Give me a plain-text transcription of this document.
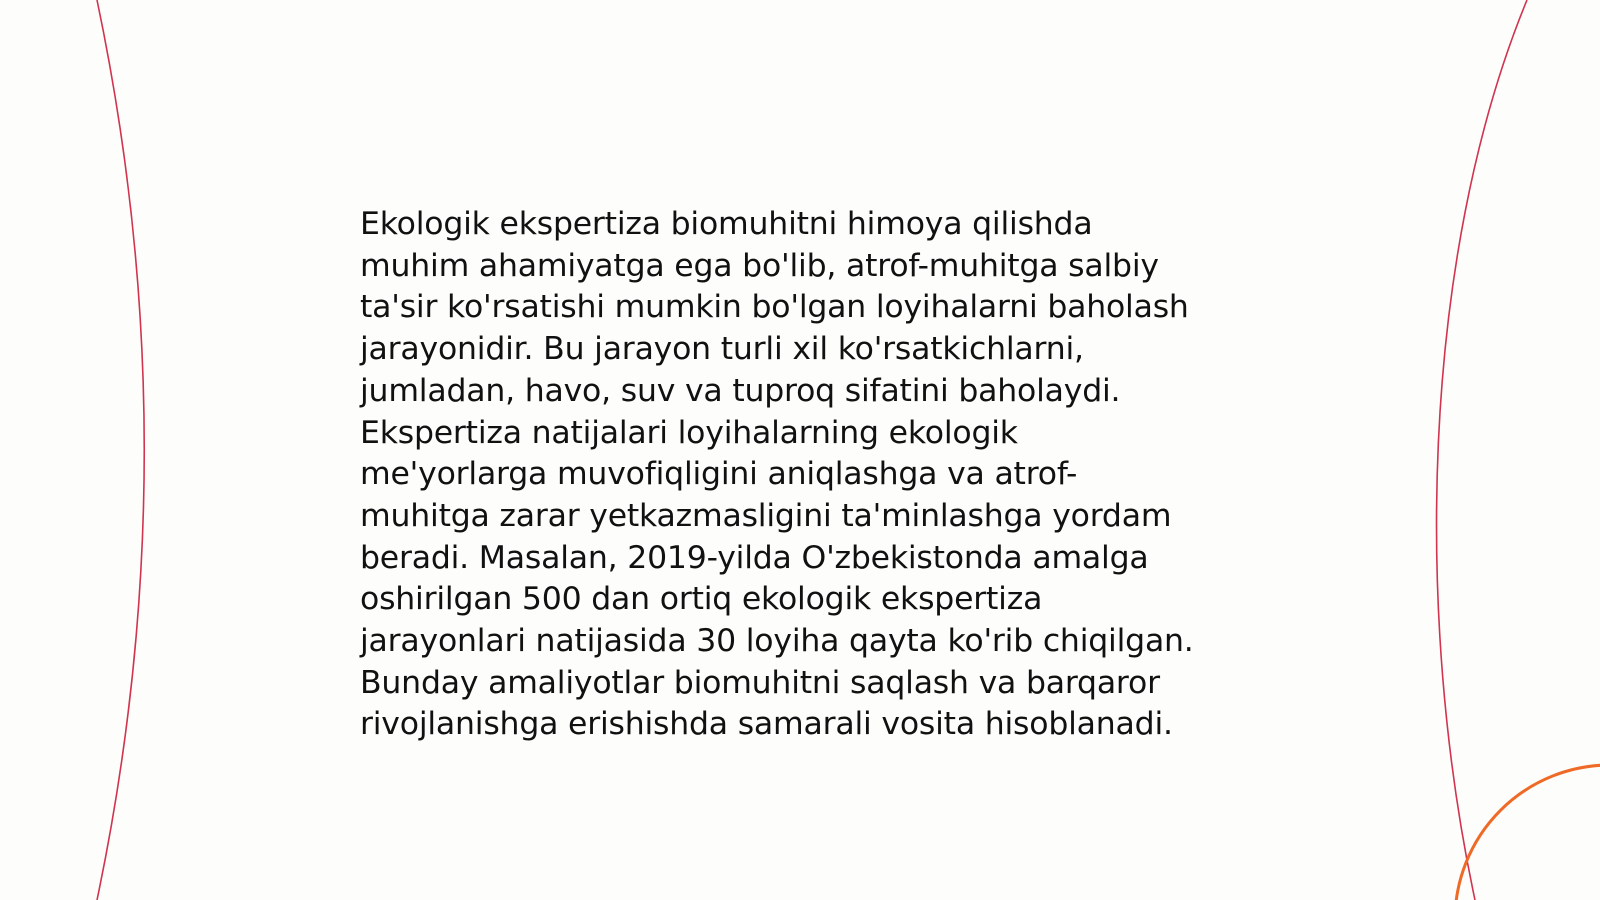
Ekologik ekspertiza biomuhitni himoya qilishda
muhim ahamiyatga ega bo'lib, atrof-muhitga salbiy
ta'sir ko'rsatishi mumkin bo'lgan loyihalarni baholash
jarayonidir. Bu jarayon turli xil ko'rsatkichlarni,
jumladan, havo, suv va tuproq sifatini baholaydi.
Ekspertiza natijalari loyihalarning ekologik
me'yorlarga muvofiqligini aniqlashga va atrof-
muhitga zarar yetkazmasligini ta'minlashga yordam
beradi. Masalan, 2019-yilda O'zbekistonda amalga
oshirilgan 500 dan ortiq ekologik ekspertiza
jarayonlari natijasida 30 loyiha qayta ko'rib chiqilgan.
Bunday amaliyotlar biomuhitni saqlash va barqaror
rivojlanishga erishishda samarali vosita hisoblanadi.
